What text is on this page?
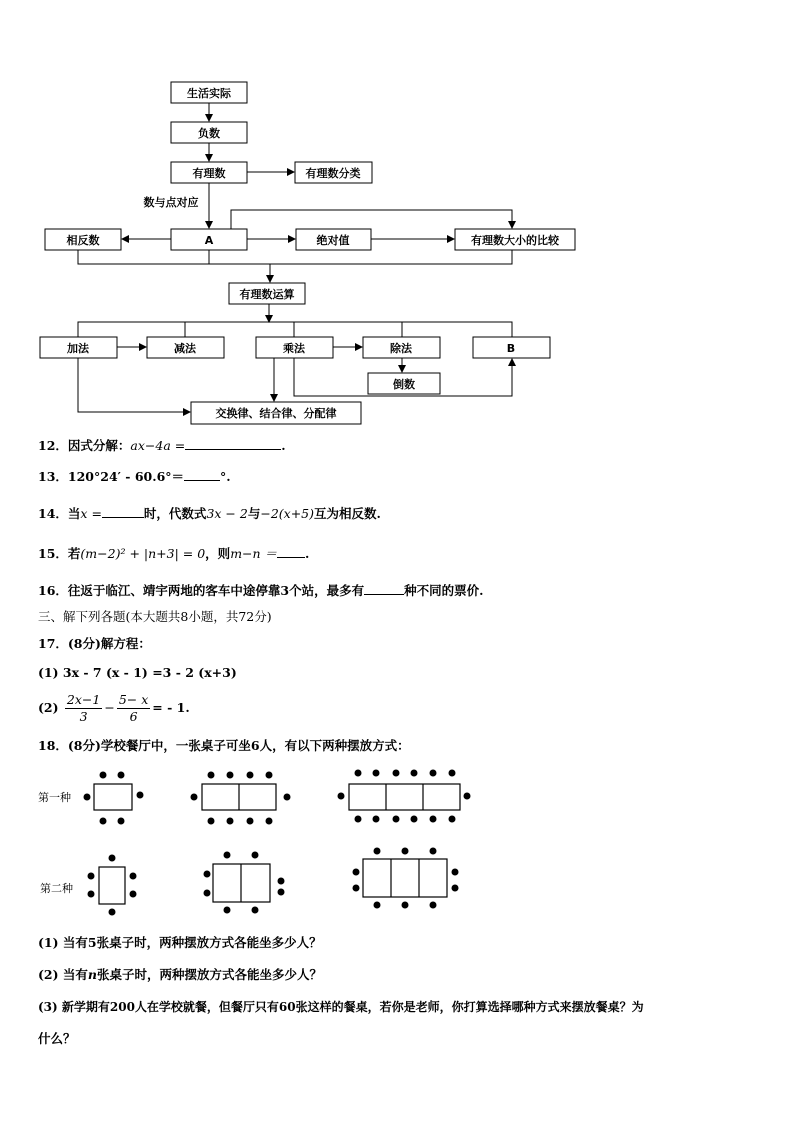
生活实际
负数
有理数	有理数分类
数与点对应
相反数	A	绝对值	有理数大小的比较
有理数运算
加法	减法	乘法	除法	B
倒数
交换律、结合律、分配律
12．因式分解：ax−4a =	.
13．120°24′ - 60.6°＝	°.
14．当x =	时，代数式3x − 2与−2(x+5)互为相反数.
15．若(m−2)² + |n+3| = 0，则m−n ＝ .
16．往返于临江、靖宇两地的客车中途停靠3个站，最多有	种不同的票价.
三、解下列各题(本大题共8小题，共72分)
17．(8分)解方程：
(1) 3x - 7 (x - 1) =3 - 2 (x+3)
$(2) \frac{2x-1}{3} - \frac{5- x}{6}$ = - 1.
18．(8分)学校餐厅中，一张桌子可坐6人，有以下两种摆放方式：
第一种
第二种
(1) 当有5张桌子时，两种摆放方式各能坐多少人？
(2) 当有n张桌子时，两种摆放方式各能坐多少人？
(3) 新学期有200人在学校就餐，但餐厅只有60张这样的餐桌，若你是老师，你打算选择哪种方式来摆放餐桌？为
什么？
